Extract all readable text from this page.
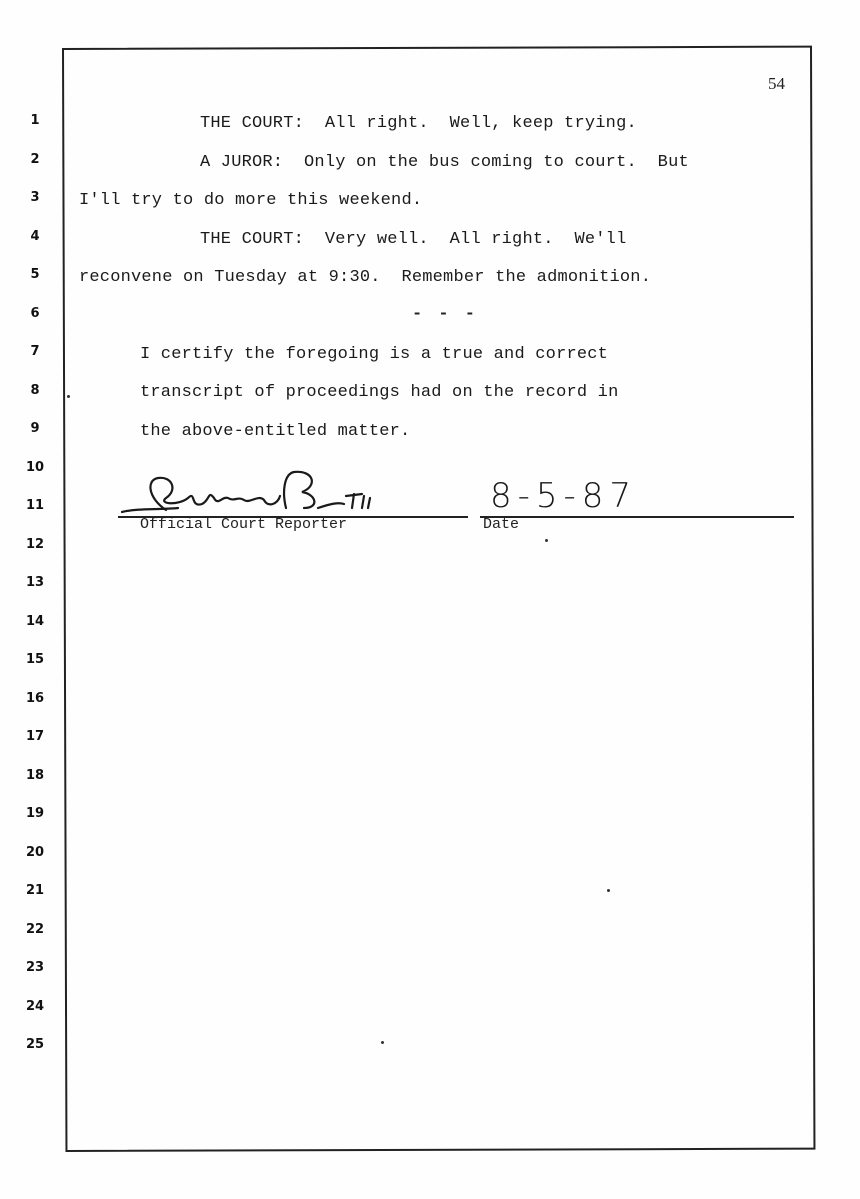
54
1
2
3
4
5
6
7
8
9
10
11
12
13
14
15
16
17
18
19
20
21
22
23
24
25
THE COURT:  All right.  Well, keep trying.
A JUROR:  Only on the bus coming to court.  But
I'll try to do more this weekend.
THE COURT:  Very well.  All right.  We'll
reconvene on Tuesday at 9:30.  Remember the admonition.
- - -
I certify the foregoing is a true and correct
transcript of proceedings had on the record in
the above-entitled matter.
8-5-87
Official Court Reporter	Date
